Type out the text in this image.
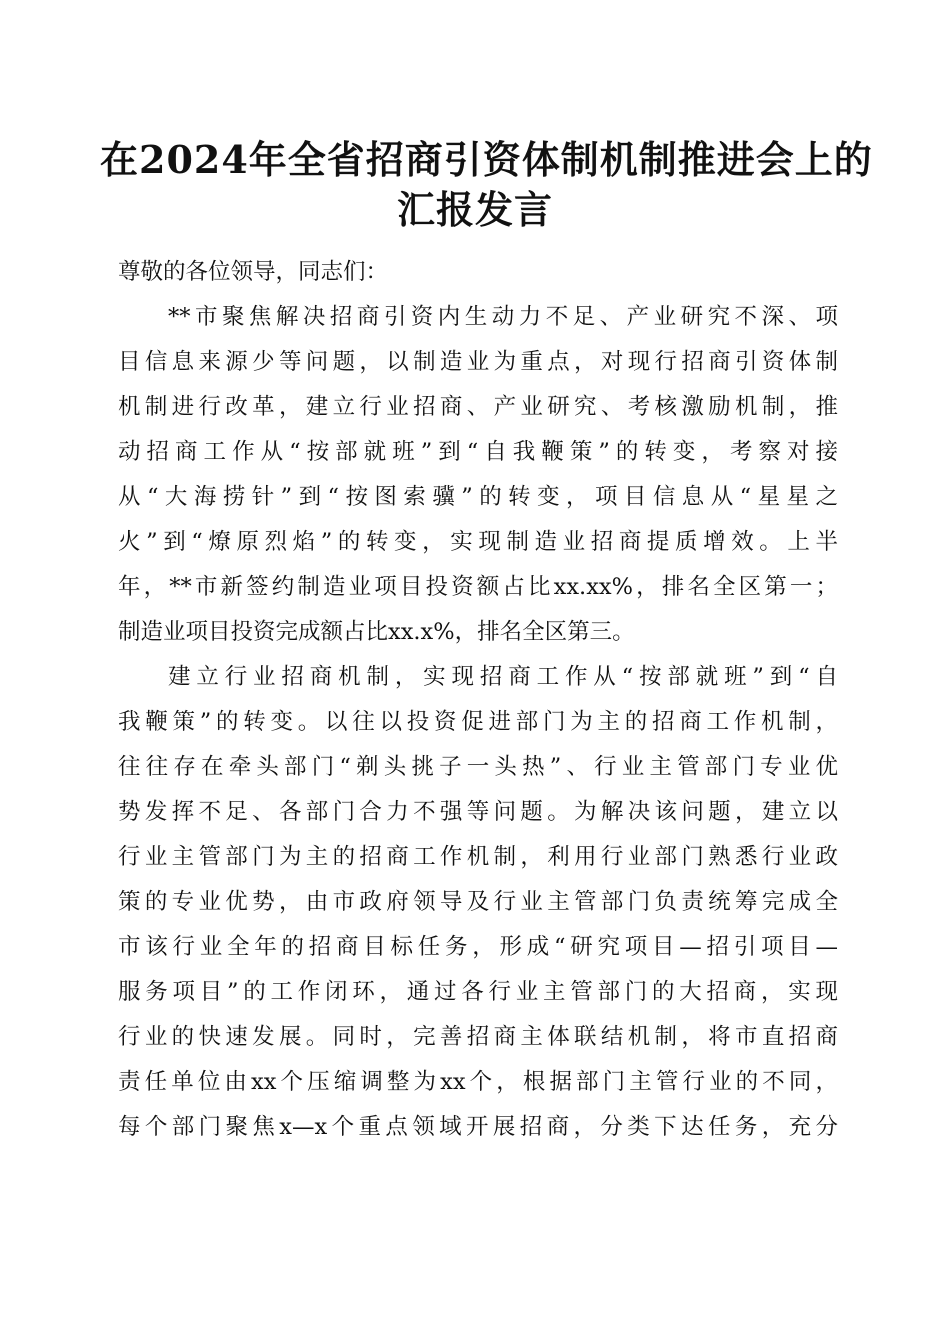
在2024年全省招商引资体制机制推进会上的
汇报发言
尊敬的各位领导，同志们：
**市聚焦解决招商引资内生动力不足、产业研究不深、项
目信息来源少等问题，以制造业为重点，对现行招商引资体制
机制进行改革，建立行业招商、产业研究、考核激励机制，推
动招商工作从“按部就班”到“自我鞭策”的转变，考察对接
从“大海捞针”到“按图索骥”的转变，项目信息从“星星之
火”到“燎原烈焰”的转变，实现制造业招商提质增效。上半
年，**市新签约制造业项目投资额占比xx.xx%，排名全区第一；
制造业项目投资完成额占比xx.x%，排名全区第三。
建立行业招商机制，实现招商工作从“按部就班”到“自
我鞭策”的转变。以往以投资促进部门为主的招商工作机制，
往往存在牵头部门“剃头挑子一头热”、行业主管部门专业优
势发挥不足、各部门合力不强等问题。为解决该问题，建立以
行业主管部门为主的招商工作机制，利用行业部门熟悉行业政
策的专业优势，由市政府领导及行业主管部门负责统筹完成全
市该行业全年的招商目标任务，形成“研究项目—招引项目—
服务项目”的工作闭环，通过各行业主管部门的大招商，实现
行业的快速发展。同时，完善招商主体联结机制，将市直招商
责任单位由xx个压缩调整为xx个，根据部门主管行业的不同，
每个部门聚焦x—x个重点领域开展招商，分类下达任务，充分
